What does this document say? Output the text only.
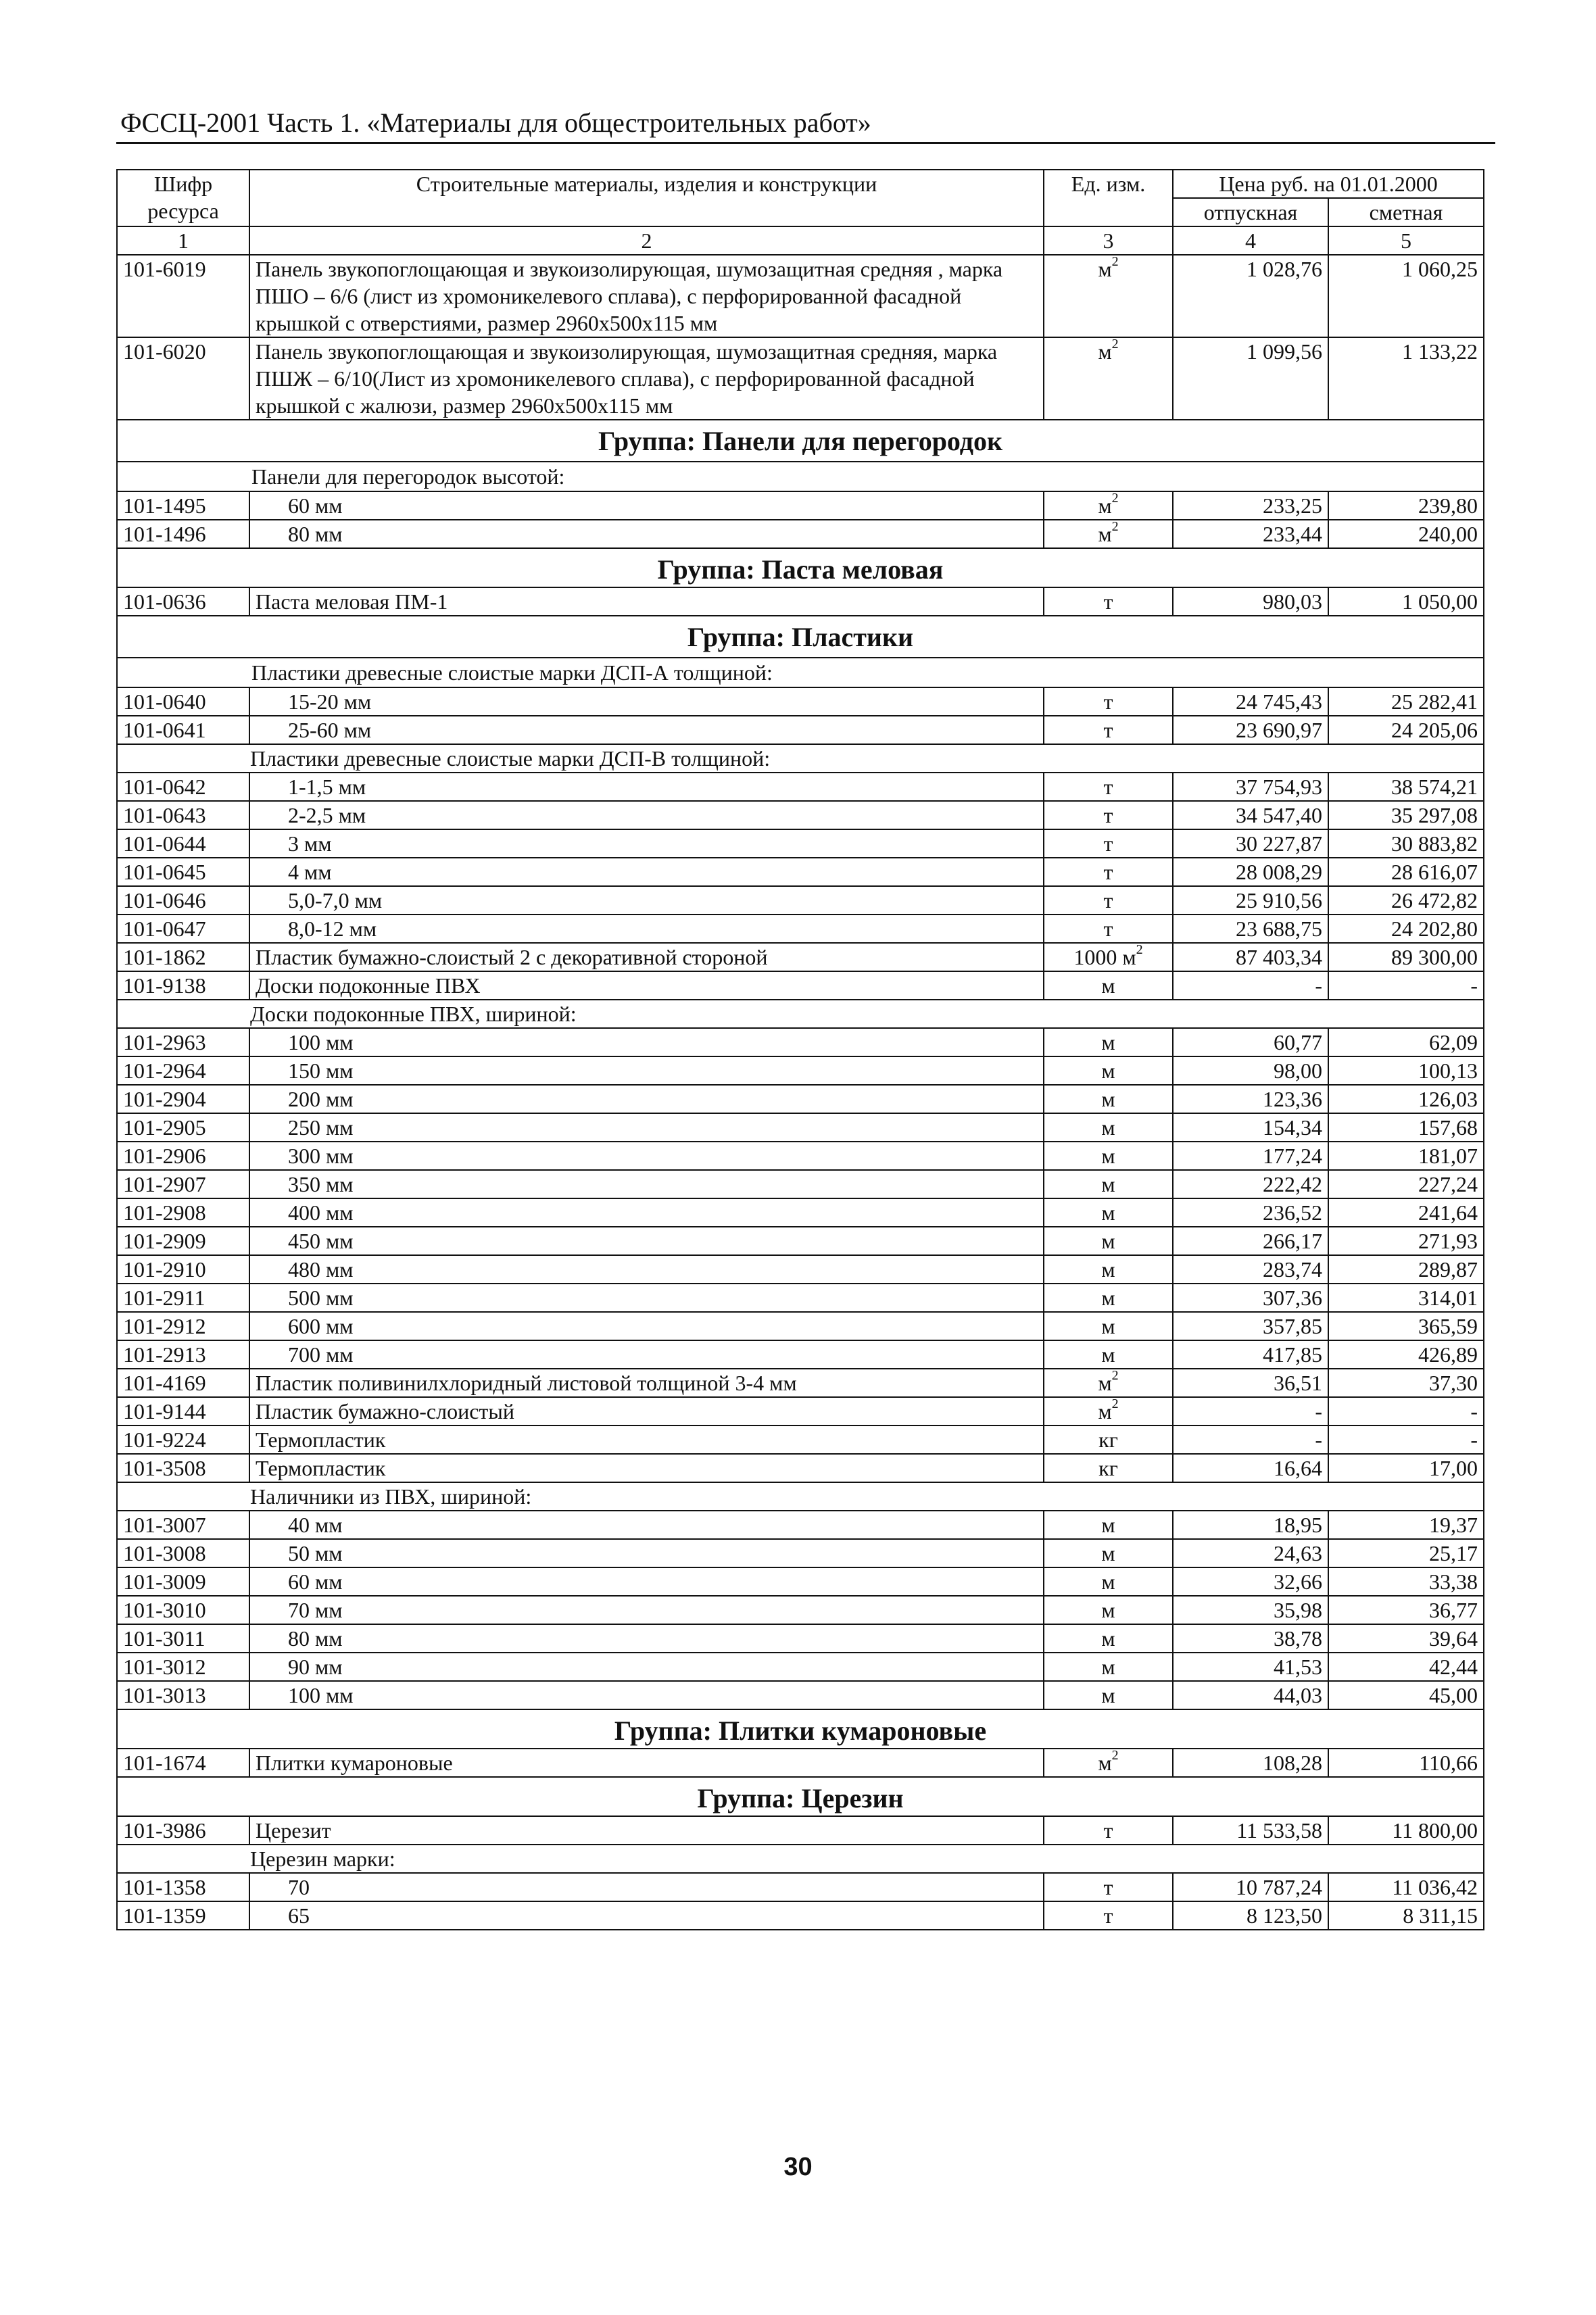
ФССЦ-2001 Часть 1. «Материалы для общестроительных работ»
Шифр ресурса	Строительные материалы, изделия и конструкции	Ед. изм.	Цена руб. на 01.01.2000	
			отпускная	сметная
1	2	3	4	5
101-6019	Панель звукопоглощающая и звукоизолирующая, шумозащитная средняя , марка ПШО – 6/6 (лист из хромоникелевого сплава), с перфорированной фасадной крышкой с отверстиями, размер 2960x500x115 мм	$м^2$	1 028,76	1 060,25
101-6020	Панель звукопоглощающая и звукоизолирующая, шумозащитная средняя, марка ПШЖ – 6/10(Лист из хромоникелевого сплава), с перфорированной фасадной крышкой с жалюзи, размер 2960x500x115 мм	$м^2$	1 099,56	1 133,22

Группа: Панели для перегородок
Панели для перегородок высотой:				

101-1495	60 мм	$м^2$	233,25	239,80
101-1496	80 мм	$м^2$	233,44	240,00

Группа: Паста меловая				

101-0636	Паста меловая ПМ-1	т	980,03	1 050,00

Группа: Пластики
Пластики древесные слоистые марки ДСП-А толщиной:				

101-0640	15-20 мм	т	24 745,43	25 282,41
101-0641	25-60 мм	т	23 690,97	24 205,06
Пластики древесные слоистые марки ДСП-В толщиной:				
101-0642	1-1,5 мм	т	37 754,93	38 574,21
101-0643	2-2,5 мм	т	34 547,40	35 297,08
101-0644	3 мм	т	30 227,87	30 883,82
101-0645	4 мм	т	28 008,29	28 616,07
101-0646	5,0-7,0 мм	т	25 910,56	26 472,82
101-0647	8,0-12 мм	т	23 688,75	24 202,80
101-1862	Пластик бумажно-слоистый 2 с декоративной стороной	1000 $м^2$	87 403,34	89 300,00
101-9138	Доски подоконные ПВХ	м	-	-
Доски подоконные ПВХ, шириной:				
101-2963	100 мм	м	60,77	62,09
101-2964	150 мм	м	98,00	100,13
101-2904	200 мм	м	123,36	126,03
101-2905	250 мм	м	154,34	157,68
101-2906	300 мм	м	177,24	181,07
101-2907	350 мм	м	222,42	227,24
101-2908	400 мм	м	236,52	241,64
101-2909	450 мм	м	266,17	271,93
101-2910	480 мм	м	283,74	289,87
101-2911	500 мм	м	307,36	314,01
101-2912	600 мм	м	357,85	365,59
101-2913	700 мм	м	417,85	426,89
101-4169	Пластик поливинилхлоридный листовой толщиной 3-4 мм	$м^2$	36,51	37,30
101-9144	Пластик бумажно-слоистый	$м^2$	-	-
101-9224	Термопластик	кг	-	-
101-3508	Термопластик	кг	16,64	17,00
Наличники из ПВХ, шириной:				
101-3007	40 мм	м	18,95	19,37
101-3008	50 мм	м	24,63	25,17
101-3009	60 мм	м	32,66	33,38
101-3010	70 мм	м	35,98	36,77
101-3011	80 мм	м	38,78	39,64
101-3012	90 мм	м	41,53	42,44
101-3013	100 мм	м	44,03	45,00

Группа: Плитки кумароновые				

101-1674	Плитки кумароновые	$м^2$	108,28	110,66

Группа: Церезин				

101-3986	Церезит	т	11 533,58	11 800,00
Церезин марки:				
101-1358	70	т	10 787,24	11 036,42
101-1359	65	т	8 123,50	8 311,15
30
